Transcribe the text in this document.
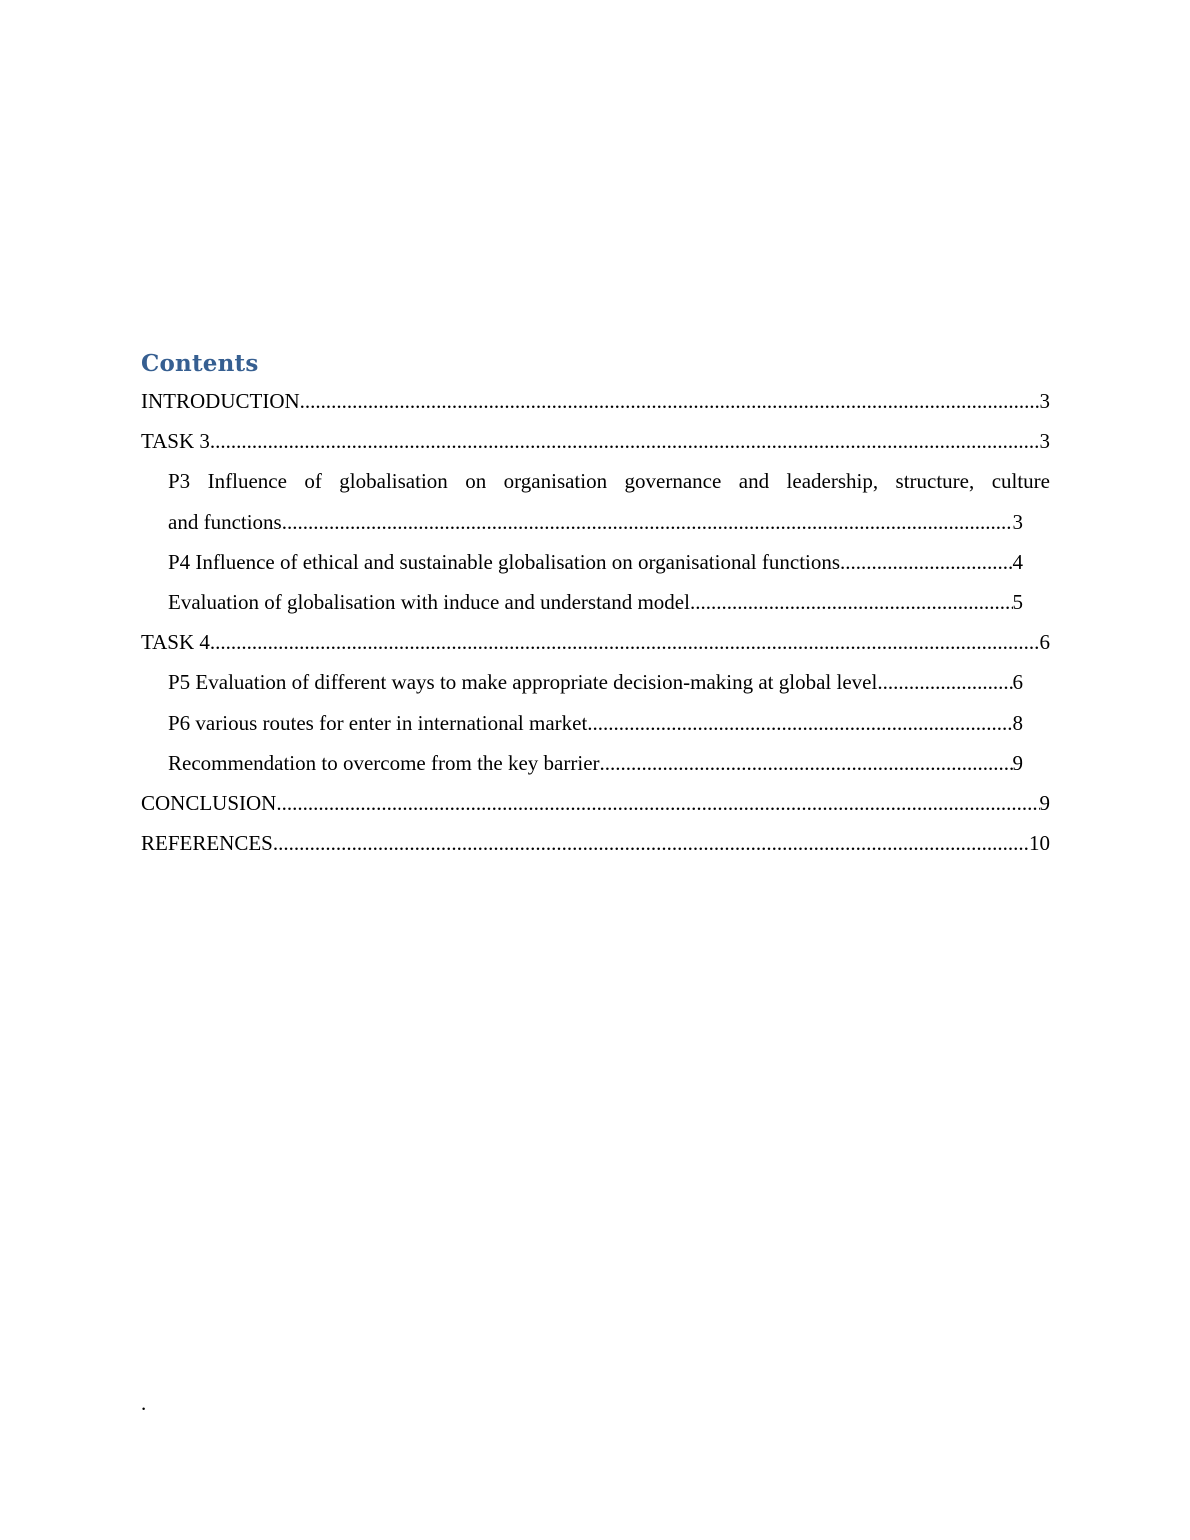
Contents
INTRODUCTION .....	3
TASK 3 .....	3
P3 Influence of globalisation on organisation governance and leadership, structure, culture
and functions .....	3
P4 Influence of ethical and sustainable globalisation on organisational functions .....	4
Evaluation of globalisation with induce and understand model .....	5
TASK 4 .....	6
P5 Evaluation of different ways to make appropriate decision-making at global level .....	6
P6 various routes for enter in international market .....	8
Recommendation to overcome from the key barrier .....	9
CONCLUSION .....	9
REFERENCES .....	10
.
